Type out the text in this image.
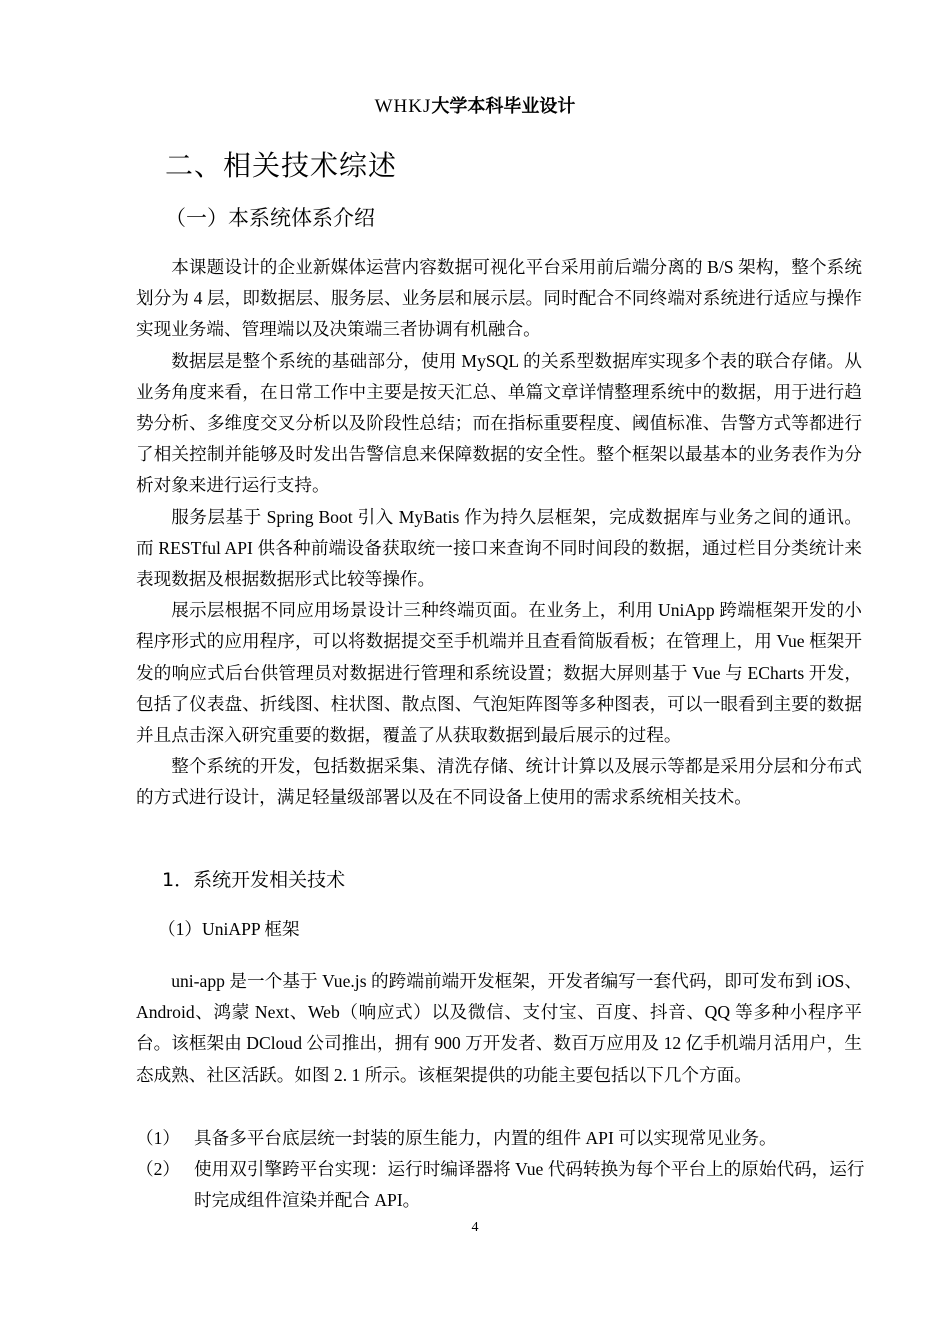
WHKJ大学本科毕业设计
二、相关技术综述
（一）本系统体系介绍

本课题设计的企业新媒体运营内容数据可视化平台采用前后端分离的 B/S 架构，整个系统划分为 4 层，即数据层、服务层、业务层和展示层。同时配合不同终端对系统进行适应与操作实现业务端、管理端以及决策端三者协调有机融合。

数据层是整个系统的基础部分，使用 MySQL 的关系型数据库实现多个表的联合存储。从业务角度来看，在日常工作中主要是按天汇总、单篇文章详情整理系统中的数据，用于进行趋势分析、多维度交叉分析以及阶段性总结；而在指标重要程度、阈值标准、告警方式等都进行了相关控制并能够及时发出告警信息来保障数据的安全性。整个框架以最基本的业务表作为分析对象来进行运行支持。

服务层基于 Spring Boot 引入 MyBatis 作为持久层框架，完成数据库与业务之间的通讯。而 RESTful API 供各种前端设备获取统一接口来查询不同时间段的数据，通过栏目分类统计来表现数据及根据数据形式比较等操作。

展示层根据不同应用场景设计三种终端页面。在业务上，利用 UniApp 跨端框架开发的小程序形式的应用程序，可以将数据提交至手机端并且查看简版看板；在管理上，用 Vue 框架开发的响应式后台供管理员对数据进行管理和系统设置；数据大屏则基于 Vue 与 ECharts 开发，包括了仪表盘、折线图、柱状图、散点图、气泡矩阵图等多种图表，可以一眼看到主要的数据并且点击深入研究重要的数据，覆盖了从获取数据到最后展示的过程。

整个系统的开发，包括数据采集、清洗存储、统计计算以及展示等都是采用分层和分布式的方式进行设计，满足轻量级部署以及在不同设备上使用的需求系统相关技术。

1．系统开发相关技术
（1）UniAPP 框架

uni-app 是一个基于 Vue.js 的跨端前端开发框架，开发者编写一套代码，即可发布到 iOS、Android、鸿蒙 Next、Web（响应式）以及微信、支付宝、百度、抖音、QQ 等多种小程序平台。该框架由 DCloud 公司推出，拥有 900 万开发者、数百万应用及 12 亿手机端月活用户，生态成熟、社区活跃。如图 2. 1 所示。该框架提供的功能主要包括以下几个方面。

（1） 具备多平台底层统一封装的原生能力，内置的组件 API 可以实现常见业务。
（2） 使用双引擎跨平台实现：运行时编译器将 Vue 代码转换为每个平台上的原始代码，运行时完成组件渲染并配合 API。
4
